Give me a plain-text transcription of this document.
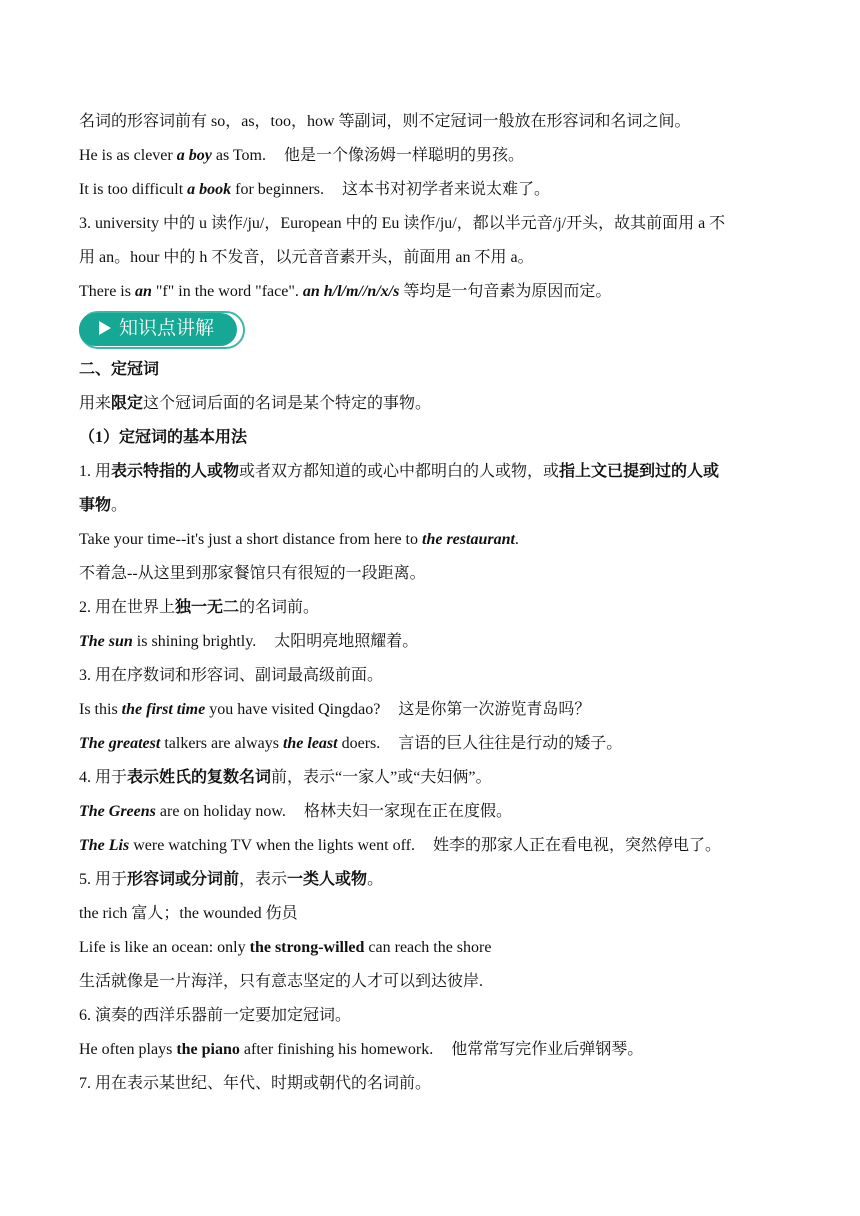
名词的形容词前有 so，as，too，how 等副词，则不定冠词一般放在形容词和名词之间。
He is as clever a boy as Tom. 他是一个像汤姆一样聪明的男孩。
It is too difficult a book for beginners. 这本书对初学者来说太难了。
3. university 中的 u 读作/ju/，European 中的 Eu 读作/ju/，都以半元音/j/开头，故其前面用 a 不
用 an。hour 中的 h 不发音，以元音音素开头，前面用 an 不用 a。
There is an "f" in the word "face". an h/l/m//n/x/s 等均是一句音素为原因而定。
知识点讲解
二、定冠词
用来限定这个冠词后面的名词是某个特定的事物。
（1）定冠词的基本用法
1. 用表示特指的人或物或者双方都知道的或心中都明白的人或物，或指上文已提到过的人或
事物。
Take your time--it's just a short distance from here to the restaurant.
不着急--从这里到那家餐馆只有很短的一段距离。
2. 用在世界上独一无二的名词前。
The sun is shining brightly. 太阳明亮地照耀着。
3. 用在序数词和形容词、副词最高级前面。
Is this the first time you have visited Qingdao? 这是你第一次游览青岛吗？
The greatest talkers are always the least doers. 言语的巨人往往是行动的矮子。
4. 用于表示姓氏的复数名词前，表示“一家人”或“夫妇俩”。
The Greens are on holiday now. 格林夫妇一家现在正在度假。
The Lis were watching TV when the lights went off. 姓李的那家人正在看电视，突然停电了。
5. 用于形容词或分词前，表示一类人或物。
the rich 富人；the wounded 伤员
Life is like an ocean: only the strong-willed can reach the shore
生活就像是一片海洋，只有意志坚定的人才可以到达彼岸.
6. 演奏的西洋乐器前一定要加定冠词。
He often plays the piano after finishing his homework. 他常常写完作业后弹钢琴。
7. 用在表示某世纪、年代、时期或朝代的名词前。
